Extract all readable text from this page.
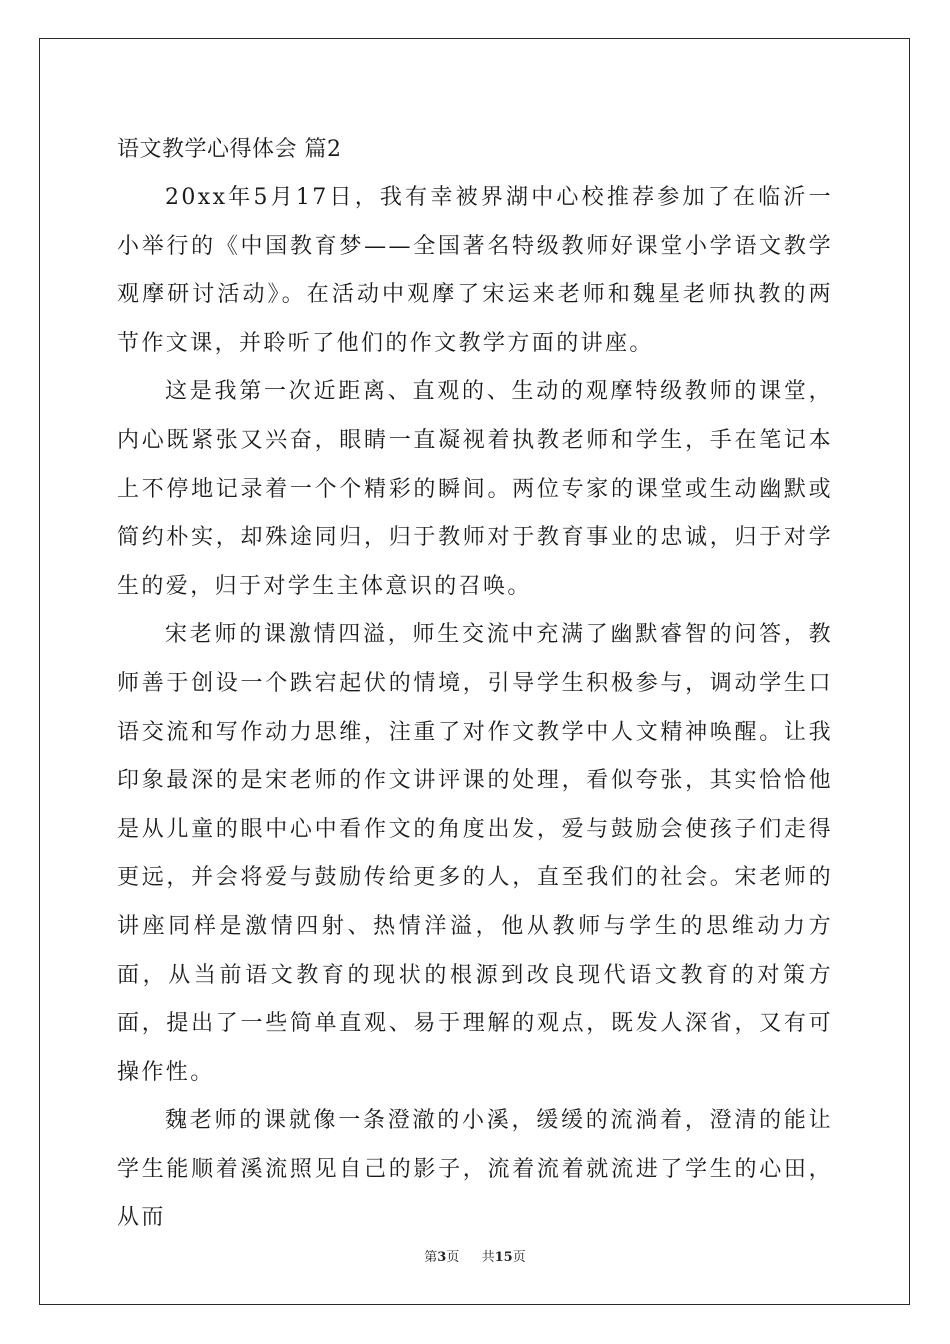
语文教学心得体会 篇2

20xx年5月17日，我有幸被界湖中心校推荐参加了在临沂一小举行的《中国教育梦——全国著名特级教师好课堂小学语文教学观摩研讨活动》。在活动中观摩了宋运来老师和魏星老师执教的两节作文课，并聆听了他们的作文教学方面的讲座。

这是我第一次近距离、直观的、生动的观摩特级教师的课堂，内心既紧张又兴奋，眼睛一直凝视着执教老师和学生，手在笔记本上不停地记录着一个个精彩的瞬间。两位专家的课堂或生动幽默或简约朴实，却殊途同归，归于教师对于教育事业的忠诚，归于对学生的爱，归于对学生主体意识的召唤。

宋老师的课激情四溢，师生交流中充满了幽默睿智的问答，教师善于创设一个跌宕起伏的情境，引导学生积极参与，调动学生口语交流和写作动力思维，注重了对作文教学中人文精神唤醒。让我印象最深的是宋老师的作文讲评课的处理，看似夸张，其实恰恰他是从儿童的眼中心中看作文的角度出发，爱与鼓励会使孩子们走得更远，并会将爱与鼓励传给更多的人，直至我们的社会。宋老师的讲座同样是激情四射、热情洋溢，他从教师与学生的思维动力方面，从当前语文教育的现状的根源到改良现代语文教育的对策方面，提出了一些简单直观、易于理解的观点，既发人深省，又有可操作性。

魏老师的课就像一条澄澈的小溪，缓缓的流淌着，澄清的能让学生能顺着溪流照见自己的影子，流着流着就流进了学生的心田，从而

第3页 共15页
